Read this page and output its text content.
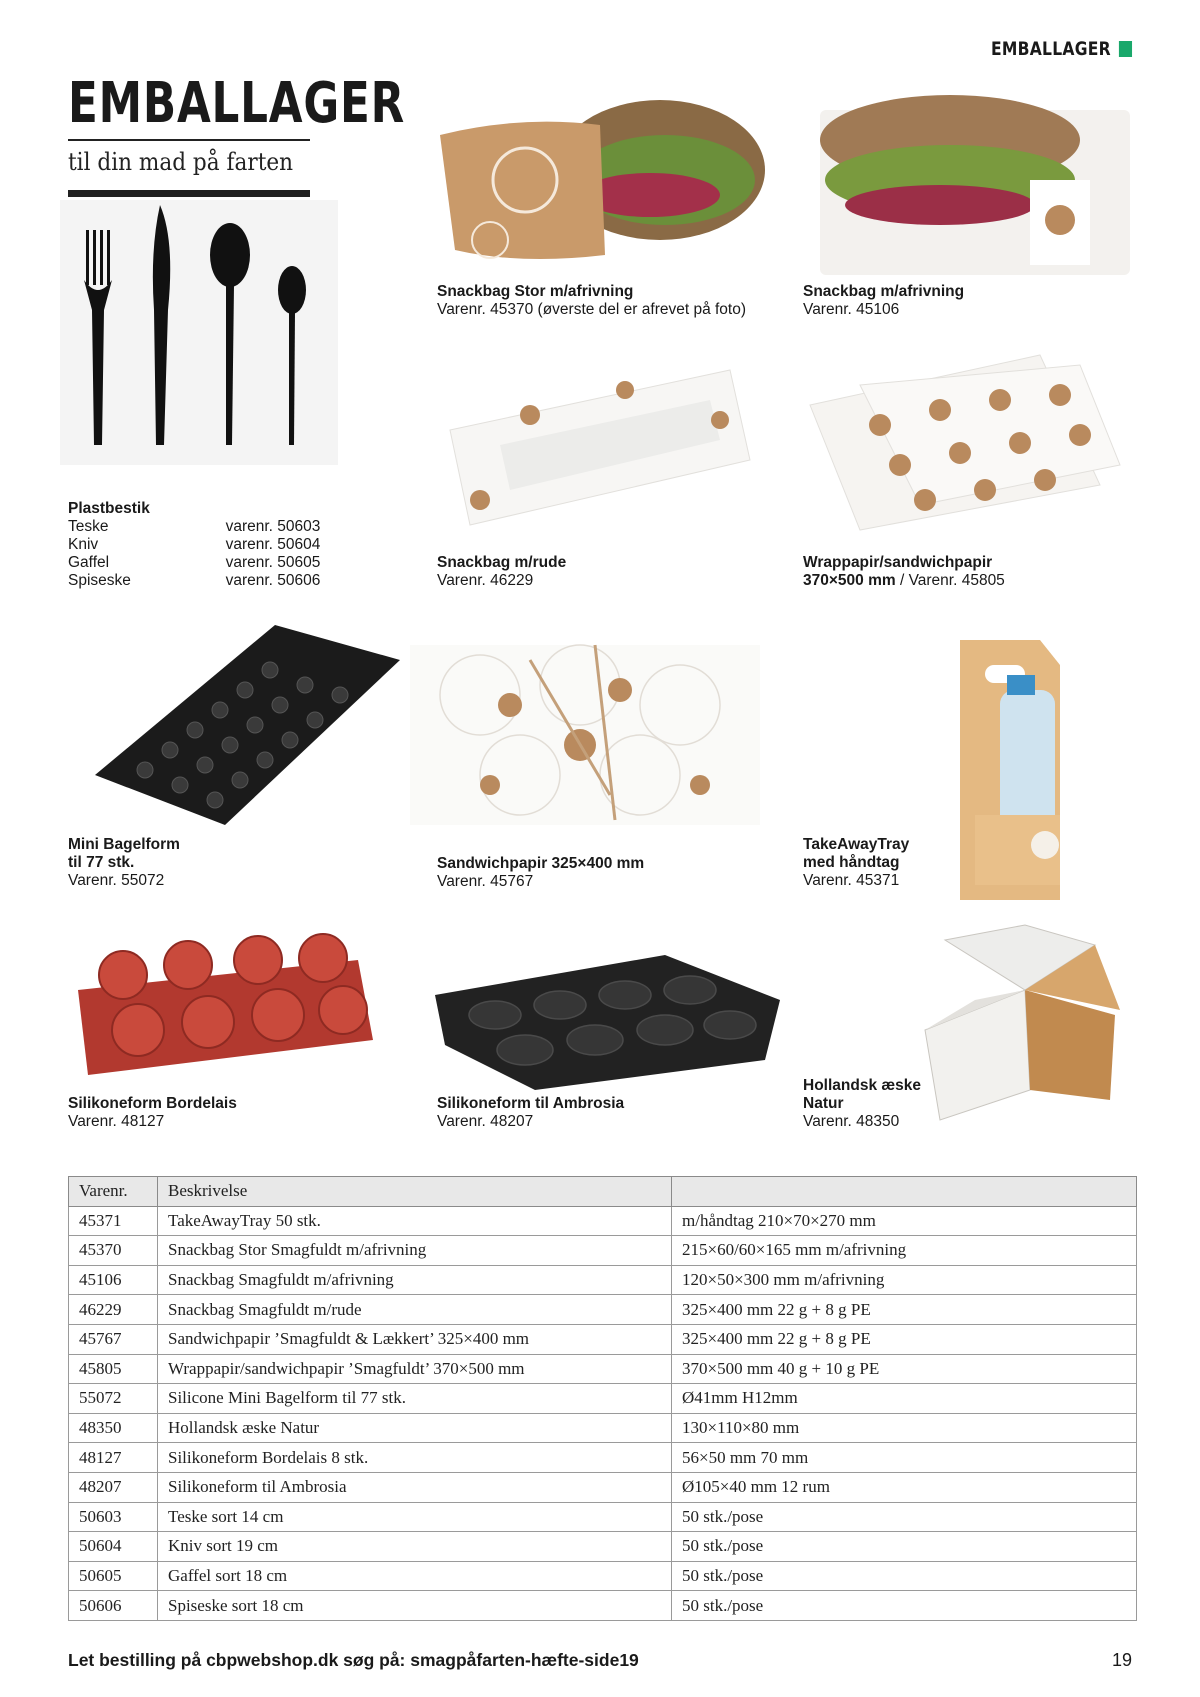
EMBALLAGER
EMBALLAGER
til din mad på farten
Plastbestik
Teske	varenr. 50603
Kniv	varenr. 50604
Gaffel	varenr. 50605
Spiseske	varenr. 50606
Snackbag Stor m/afrivning
Varenr. 45370 (øverste del er afrevet på foto)
Snackbag m/afrivning
Varenr. 45106
Snackbag m/rude
Varenr. 46229
Wrappapir/sandwichpapir
370×500 mm / Varenr. 45805
Mini Bagelform
til 77 stk.
Varenr. 55072
Sandwichpapir 325×400 mm
Varenr. 45767
TakeAwayTray
med håndtag
Varenr. 45371
Silikoneform Bordelais
Varenr. 48127
Silikoneform til Ambrosia
Varenr. 48207
Hollandsk æske
Natur
Varenr. 48350
Varenr.	Beskrivelse	
45371	TakeAwayTray 50 stk.	m/håndtag 210×70×270 mm
45370	Snackbag Stor Smagfuldt m/afrivning	215×60/60×165 mm m/afrivning
45106	Snackbag Smagfuldt m/afrivning	120×50×300 mm m/afrivning
46229	Snackbag Smagfuldt m/rude	325×400 mm 22 g + 8 g PE
45767	Sandwichpapir ’Smagfuldt & Lækkert’ 325×400 mm	325×400 mm 22 g + 8 g PE
45805	Wrappapir/sandwichpapir ’Smagfuldt’ 370×500 mm	370×500 mm 40 g + 10 g PE
55072	Silicone Mini Bagelform til 77 stk.	Ø41mm H12mm
48350	Hollandsk æske Natur	130×110×80 mm
48127	Silikoneform Bordelais 8 stk.	56×50 mm 70 mm
48207	Silikoneform til Ambrosia	Ø105×40 mm 12 rum
50603	Teske sort 14 cm	50 stk./pose
50604	Kniv sort 19 cm	50 stk./pose
50605	Gaffel sort 18 cm	50 stk./pose
50606	Spiseske sort 18 cm	50 stk./pose
Let bestilling på cbpwebshop.dk søg på: smagpåfarten-hæfte-side19	19
